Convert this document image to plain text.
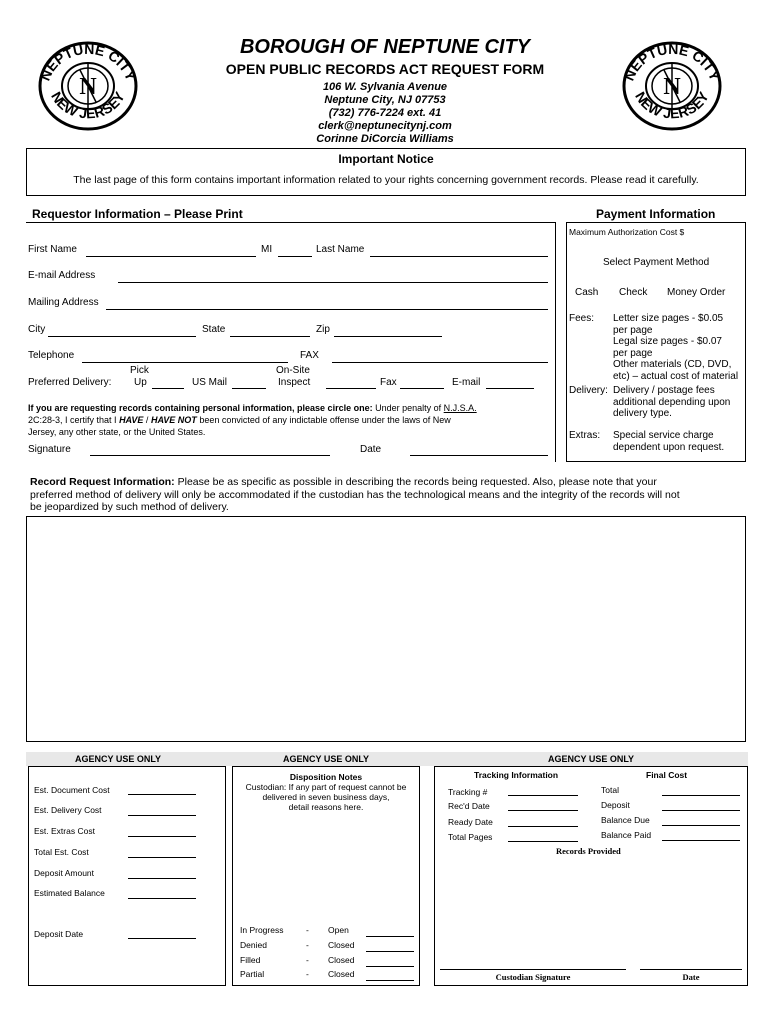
N
NEPTUNE CITY
NEW JERSEY	N
NEPTUNE CITY
NEW JERSEY
BOROUGH OF NEPTUNE CITY
OPEN PUBLIC RECORDS ACT REQUEST FORM
106 W. Sylvania Avenue
Neptune City, NJ 07753
(732) 776-7224 ext. 41
clerk@neptunecitynj.com
Corinne DiCorcia Williams
Important Notice
The last page of this form contains important information related to your rights concerning government records. Please read it carefully.
Requestor Information – Please Print	Payment Information
First Name	MI	Last Name
E-mail Address
Mailing Address
City	State	Zip
Telephone	FAX
Pick	On-Site
Preferred Delivery: Up	US Mail	Inspect	Fax	E-mail
If you are requesting records containing personal information, please circle one: Under penalty of N.J.S.A.
2C:28-3, I certify that I HAVE / HAVE NOT been convicted of any indictable offense under the laws of New
Jersey, any other state, or the United States.
Signature	Date
Maximum Authorization Cost $
Select Payment Method
Cash Check Money Order
Fees: Letter size pages - $0.05
per page
Legal size pages - $0.07
per page
Other materials (CD, DVD,
etc) – actual cost of material
Delivery: Delivery / postage fees
additional depending upon
delivery type.
Extras: Special service charge
dependent upon request.
Record Request Information: Please be as specific as possible in describing the records being requested. Also, please note that your
preferred method of delivery will only be accommodated if the custodian has the technological means and the integrity of the records will not
be jeopardized by such method of delivery.
AGENCY USE ONLY	AGENCY USE ONLY	AGENCY USE ONLY
Est. Document Cost
Est. Delivery Cost
Est. Extras Cost
Total Est. Cost
Deposit Amount
Estimated Balance
Deposit Date
Disposition Notes
Custodian: If any part of request cannot be
delivered in seven business days,
detail reasons here.
In Progress	- Open
Denied	- Closed
Filled	- Closed
Partial	- Closed
Tracking Information	Final Cost
Tracking #
Rec'd Date
Ready Date
Total Pages
Total
Deposit
Balance Due
Balance Paid
Records Provided
Custodian Signature	Date
